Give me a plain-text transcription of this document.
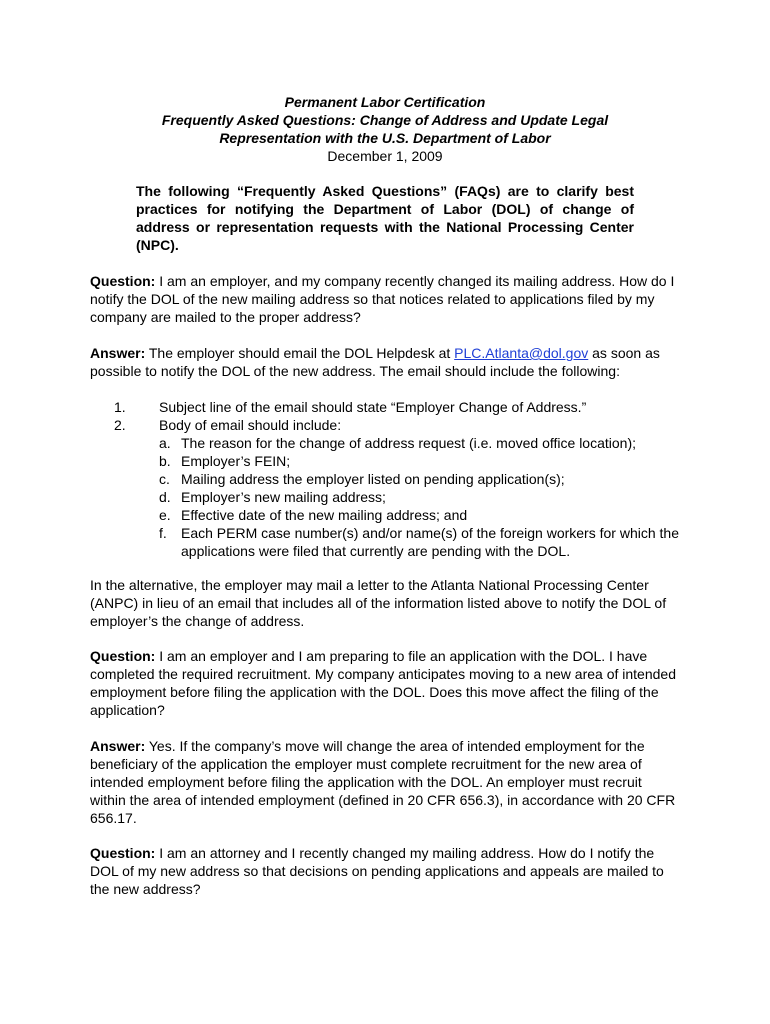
Permanent Labor Certification
Frequently Asked Questions: Change of Address and Update Legal
Representation with the U.S. Department of Labor
December 1, 2009
The following “Frequently Asked Questions” (FAQs) are to clarify best practices for notifying the Department of Labor (DOL) of change of address or representation requests with the National Processing Center (NPC).
Question: I am an employer, and my company recently changed its mailing address. How do I notify the DOL of the new mailing address so that notices related to applications filed by my company are mailed to the proper address?
Answer: The employer should email the DOL Helpdesk at PLC.Atlanta@dol.gov as soon as possible to notify the DOL of the new address. The email should include the following:
1. Subject line of the email should state “Employer Change of Address.”
2. Body of email should include:
a. The reason for the change of address request (i.e. moved office location);
b. Employer’s FEIN;
c. Mailing address the employer listed on pending application(s);
d. Employer’s new mailing address;
e. Effective date of the new mailing address; and
f.	Each PERM case number(s) and/or name(s) of the foreign workers for which the applications were filed that currently are pending with the DOL.
In the alternative, the employer may mail a letter to the Atlanta National Processing Center (ANPC) in lieu of an email that includes all of the information listed above to notify the DOL of employer’s the change of address.
Question: I am an employer and I am preparing to file an application with the DOL. I have completed the required recruitment. My company anticipates moving to a new area of intended employment before filing the application with the DOL. Does this move affect the filing of the application?
Answer: Yes. If the company’s move will change the area of intended employment for the beneficiary of the application the employer must complete recruitment for the new area of intended employment before filing the application with the DOL. An employer must recruit within the area of intended employment (defined in 20 CFR 656.3), in accordance with 20 CFR 656.17.
Question: I am an attorney and I recently changed my mailing address. How do I notify the DOL of my new address so that decisions on pending applications and appeals are mailed to the new address?
